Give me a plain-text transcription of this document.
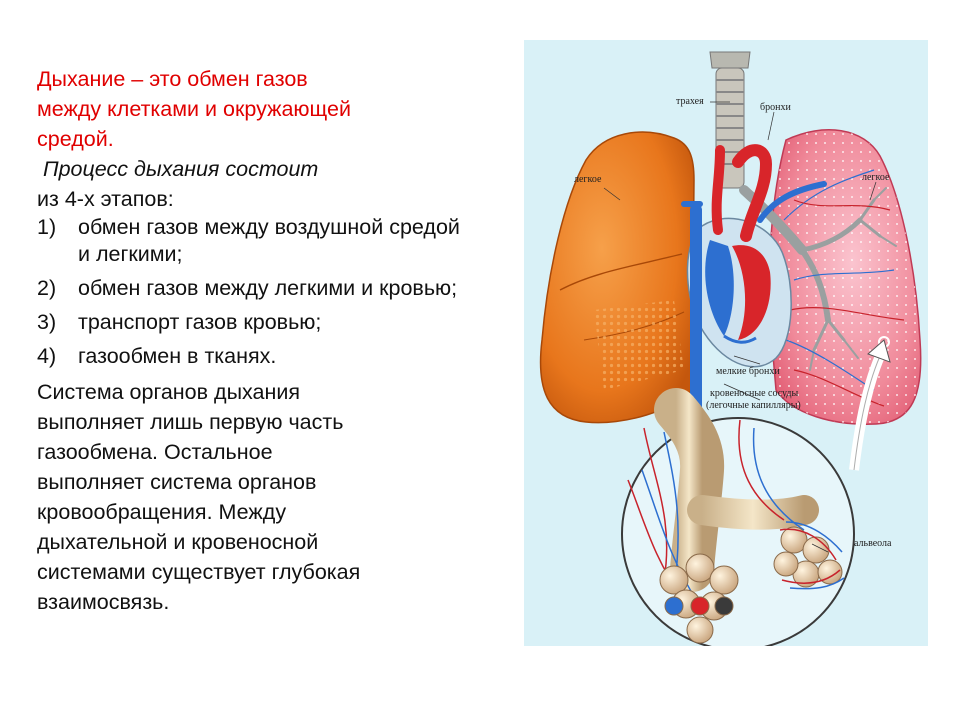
Дыхание – это обмен газов

между клетками и окружающей

средой.

Процесс дыхания состоит

из 4-х этапов:

1) обмен газов между воздушной средой и легкими;
2) обмен газов между легкими и кровью;
3) транспорт газов кровью;
4) газообмен в тканях.

Система органов дыхания

выполняет лишь первую часть

газообмена. Остальное

выполняет система органов

кровообращения. Между

дыхательной и кровеносной

системами существует глубокая

взаимосвязь.

трахея
бронхи
легкое	легкое
мелкие бронхи
кровеносные сосуды
(легочные капилляры)
альвеола
